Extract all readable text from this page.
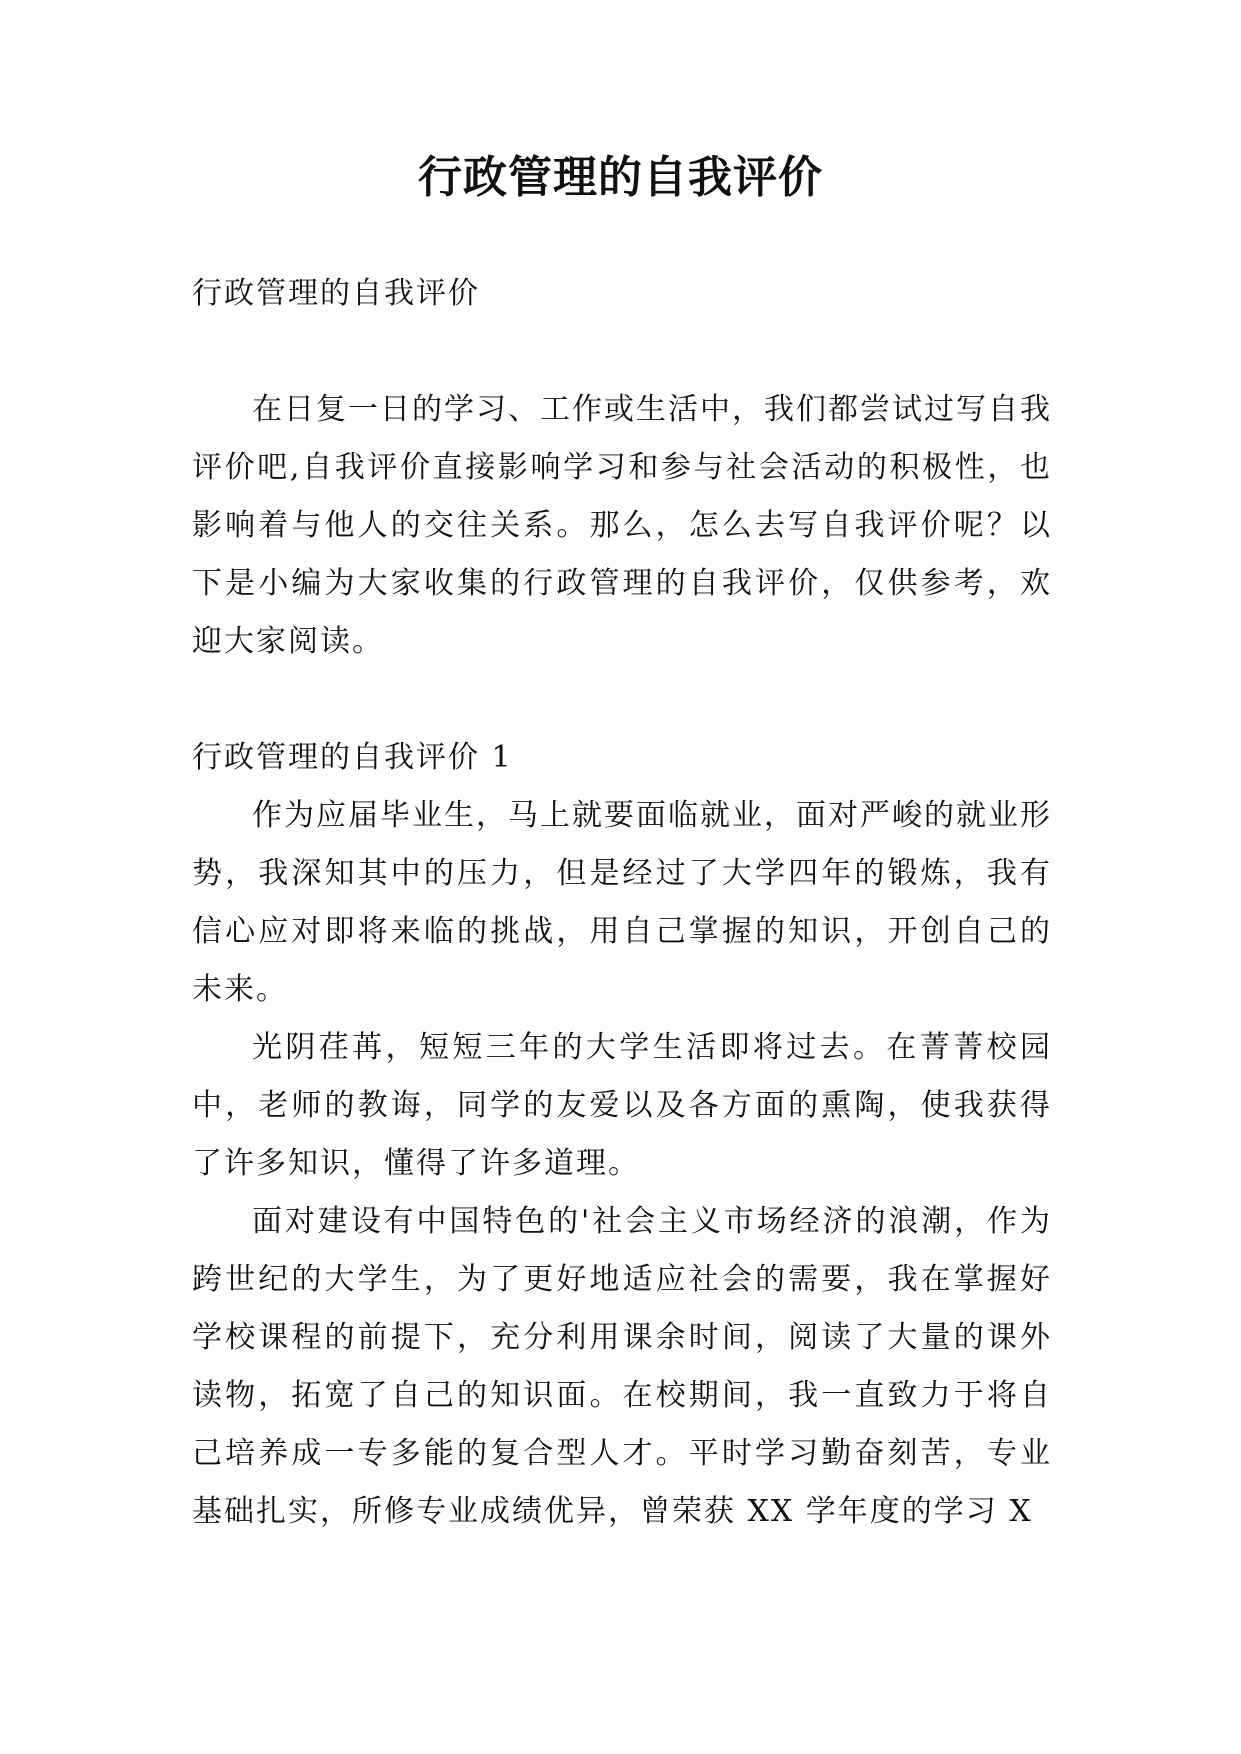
行政管理的自我评价

行政管理的自我评价

在日复一日的学习、工作或生活中，我们都尝试过写自我评价吧,自我评价直接影响学习和参与社会活动的积极性，也影响着与他人的交往关系。那么，怎么去写自我评价呢？以下是小编为大家收集的行政管理的自我评价，仅供参考，欢迎大家阅读。

行政管理的自我评价 1

作为应届毕业生，马上就要面临就业，面对严峻的就业形势，我深知其中的压力，但是经过了大学四年的锻炼，我有信心应对即将来临的挑战，用自己掌握的知识，开创自己的未来。

光阴荏苒，短短三年的大学生活即将过去。在菁菁校园中，老师的教诲，同学的友爱以及各方面的熏陶，使我获得了许多知识，懂得了许多道理。

面对建设有中国特色的'社会主义市场经济的浪潮，作为跨世纪的大学生，为了更好地适应社会的需要，我在掌握好学校课程的前提下，充分利用课余时间，阅读了大量的课外读物，拓宽了自己的知识面。在校期间，我一直致力于将自己培养成一专多能的复合型人才。平时学习勤奋刻苦，专业基础扎实，所修专业成绩优异，曾荣获 XX 学年度的学习 X
